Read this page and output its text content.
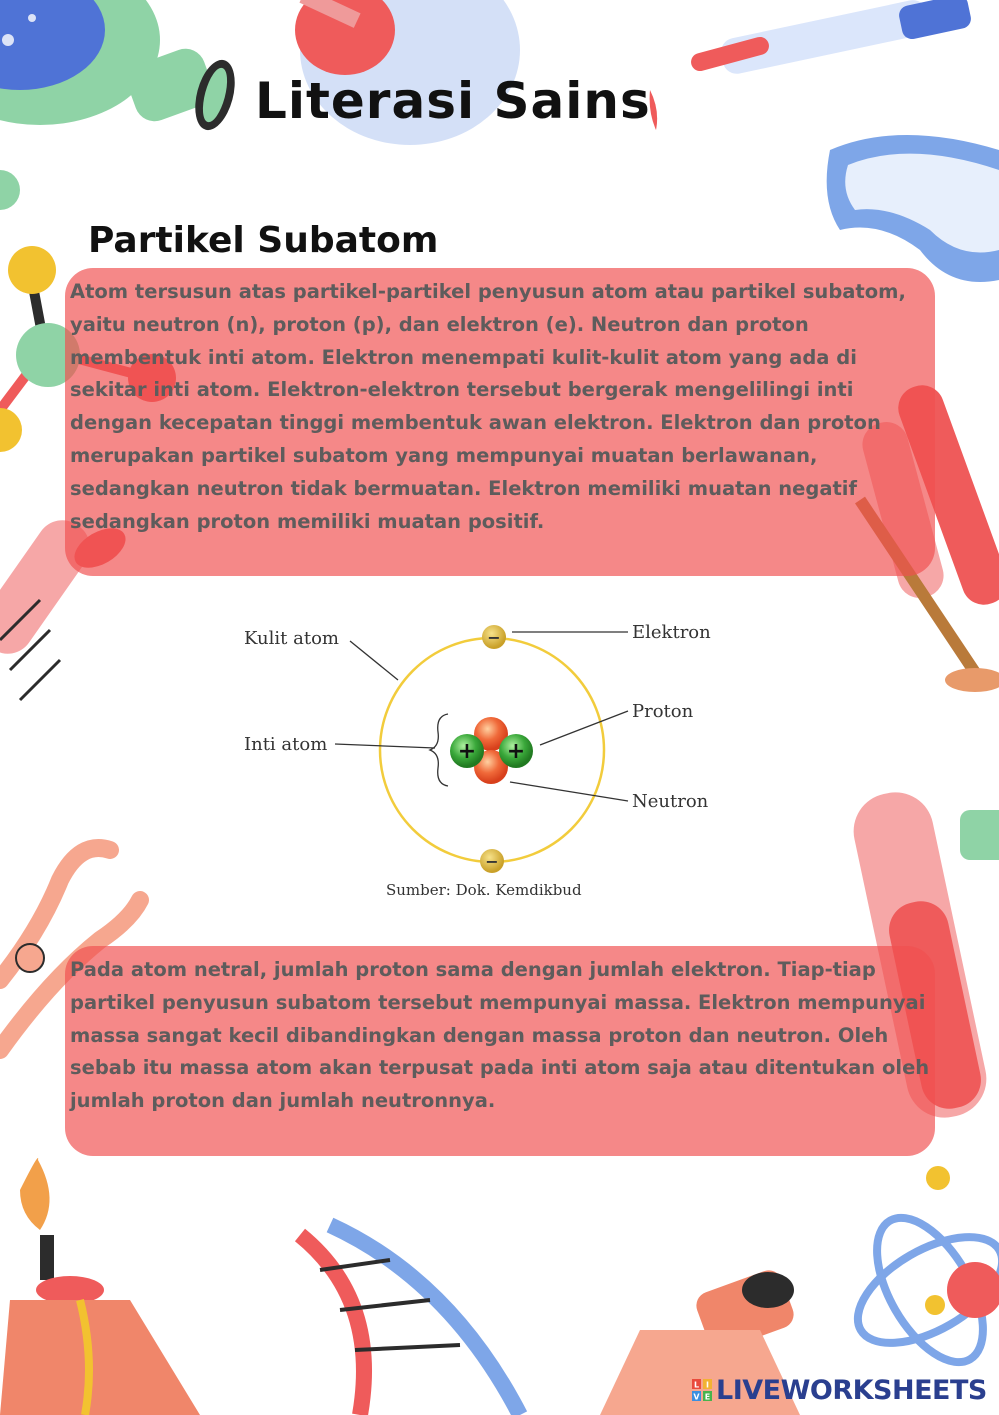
Literasi Sains
Partikel Subatom

Atom tersusun atas partikel-partikel penyusun atom atau partikel subatom, yaitu neutron (n), proton (p), dan elektron (e). Neutron dan proton membentuk inti atom. Elektron menempati kulit-kulit atom yang ada di sekitar inti atom. Elektron-elektron tersebut bergerak mengelilingi inti dengan kecepatan tinggi membentuk awan elektron. Elektron dan proton merupakan partikel subatom yang mempunyai muatan berlawanan, sedangkan neutron tidak bermuatan. Elektron memiliki muatan negatif sedangkan proton memiliki muatan positif.

+ +
−
−
Kulit atom
Inti atom
Elektron
Proton
Neutron
Sumber: Dok. Kemdikbud

Pada atom netral, jumlah proton sama dengan jumlah elektron. Tiap-tiap partikel penyusun subatom tersebut mempunyai massa. Elektron mempunyai massa sangat kecil dibandingkan dengan massa proton dan neutron. Oleh sebab itu massa atom akan terpusat pada inti atom saja atau ditentukan oleh jumlah proton dan jumlah neutronnya.

L I
V E LIVEWORKSHEETS
